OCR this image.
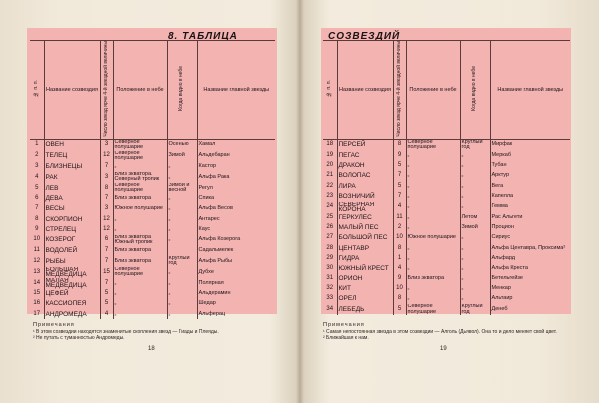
8. ТАБЛИЦА	СОЗВЕЗДИЙ
№ п. п.	Название созвездия	Число звезд ярче 4-й звездной величины	Положение в небе	Когда видно в небе	Название главной звезды
1	ОВЕН	3	Северное полушарие	Осенью	Хамал
2	ТЕЛЕЦ	12	Северное полушарие	Зимой	Альдебаран
3	БЛИЗНЕЦЫ	7	„	„	Кастор
4	РАК	3	Близ экватора. Северный тропик	„	Альфа Рака
5	ЛЕВ	8	Северное полушарие	Зимой и весной	Регул
6	ДЕВА	7	Близ экватора	„	Спика
7	ВЕСЫ	3	Южное полушарие	„	Альфа Весов
8	СКОРПИОН	12	„	„	Антарес
9	СТРЕЛЕЦ	12	„	„	Каус
10	КОЗЕРОГ	6	Близ экватора Южный тропик	„	Альфа Козерога
11	ВОДОЛЕЙ	7	Близ экватора		Садальмелек
12	РЫБЫ	7	Близ экватора	Круглый год	Альфа Рыбы
13	БОЛЬШАЯ МЕДВЕДИЦА	15	Северное полушарие	„	Дубхе
14	МАЛАЯ МЕДВЕДИЦА	7	„	„	Полярная
15	ЦЕФЕЙ	5	„	„	Альдерамин
16	КАССИОПЕЯ	5	„	„	Шедар
17	АНДРОМЕДА	4	„	„	Альферац
№ п. п.	Название созвездия	Число звезд ярче 4-й звездной величины	Положение в небе	Когда видно в небе	Название главной звезды
18	ПЕРСЕЙ	8	Северное полушарие	Круглый год	Мирфак
19	ПЕГАС	9	„	„	Меркаб
20	ДРАКОН	5	„	„	Тубан
21	ВОЛОПАС	7	„	„	Арктур
22	ЛИРА	5	„	„	Вега
23	ВОЗНИЧИЙ	7	„	„	Капелла
24	СЕВЕРНАЯ КОРОНА	4	„	„	Гемма
25	ГЕРКУЛЕС	11	„	Летом	Рас Альгети
26	МАЛЫЙ ПЕС	2	„	Зимой	Процион
27	БОЛЬШОЙ ПЕС	10	Южное полушарие	„	Сириус
28	ЦЕНТАВР	8	„	„	Альфа Центавра, Проксима²
29	ГИДРА	1	„	„	Альфард
30	ЮЖНЫЙ КРЕСТ	4	„	„	Альфа Креста
31	ОРИОН	9	Близ экватора	„	Бетельгейзе
32	КИТ	10	„	„	Менкар
33	ОРЕЛ	8	„	„	Альтаир
34	ЛЕБЕДЬ	5	Северное полушарие	Круглый год	Денеб
Примечания
¹ В этом созвездии находятся знаменитые скопления звезд — Гиады и Плеяды.
² Не путать с туманностью Андромеды.
Примечания
¹ Самая непостоянная звезда в этом созвездии — Алголь (Дьявол). Она то и дело меняет свой цвет.
² Ближайшая к нам.
18	19
